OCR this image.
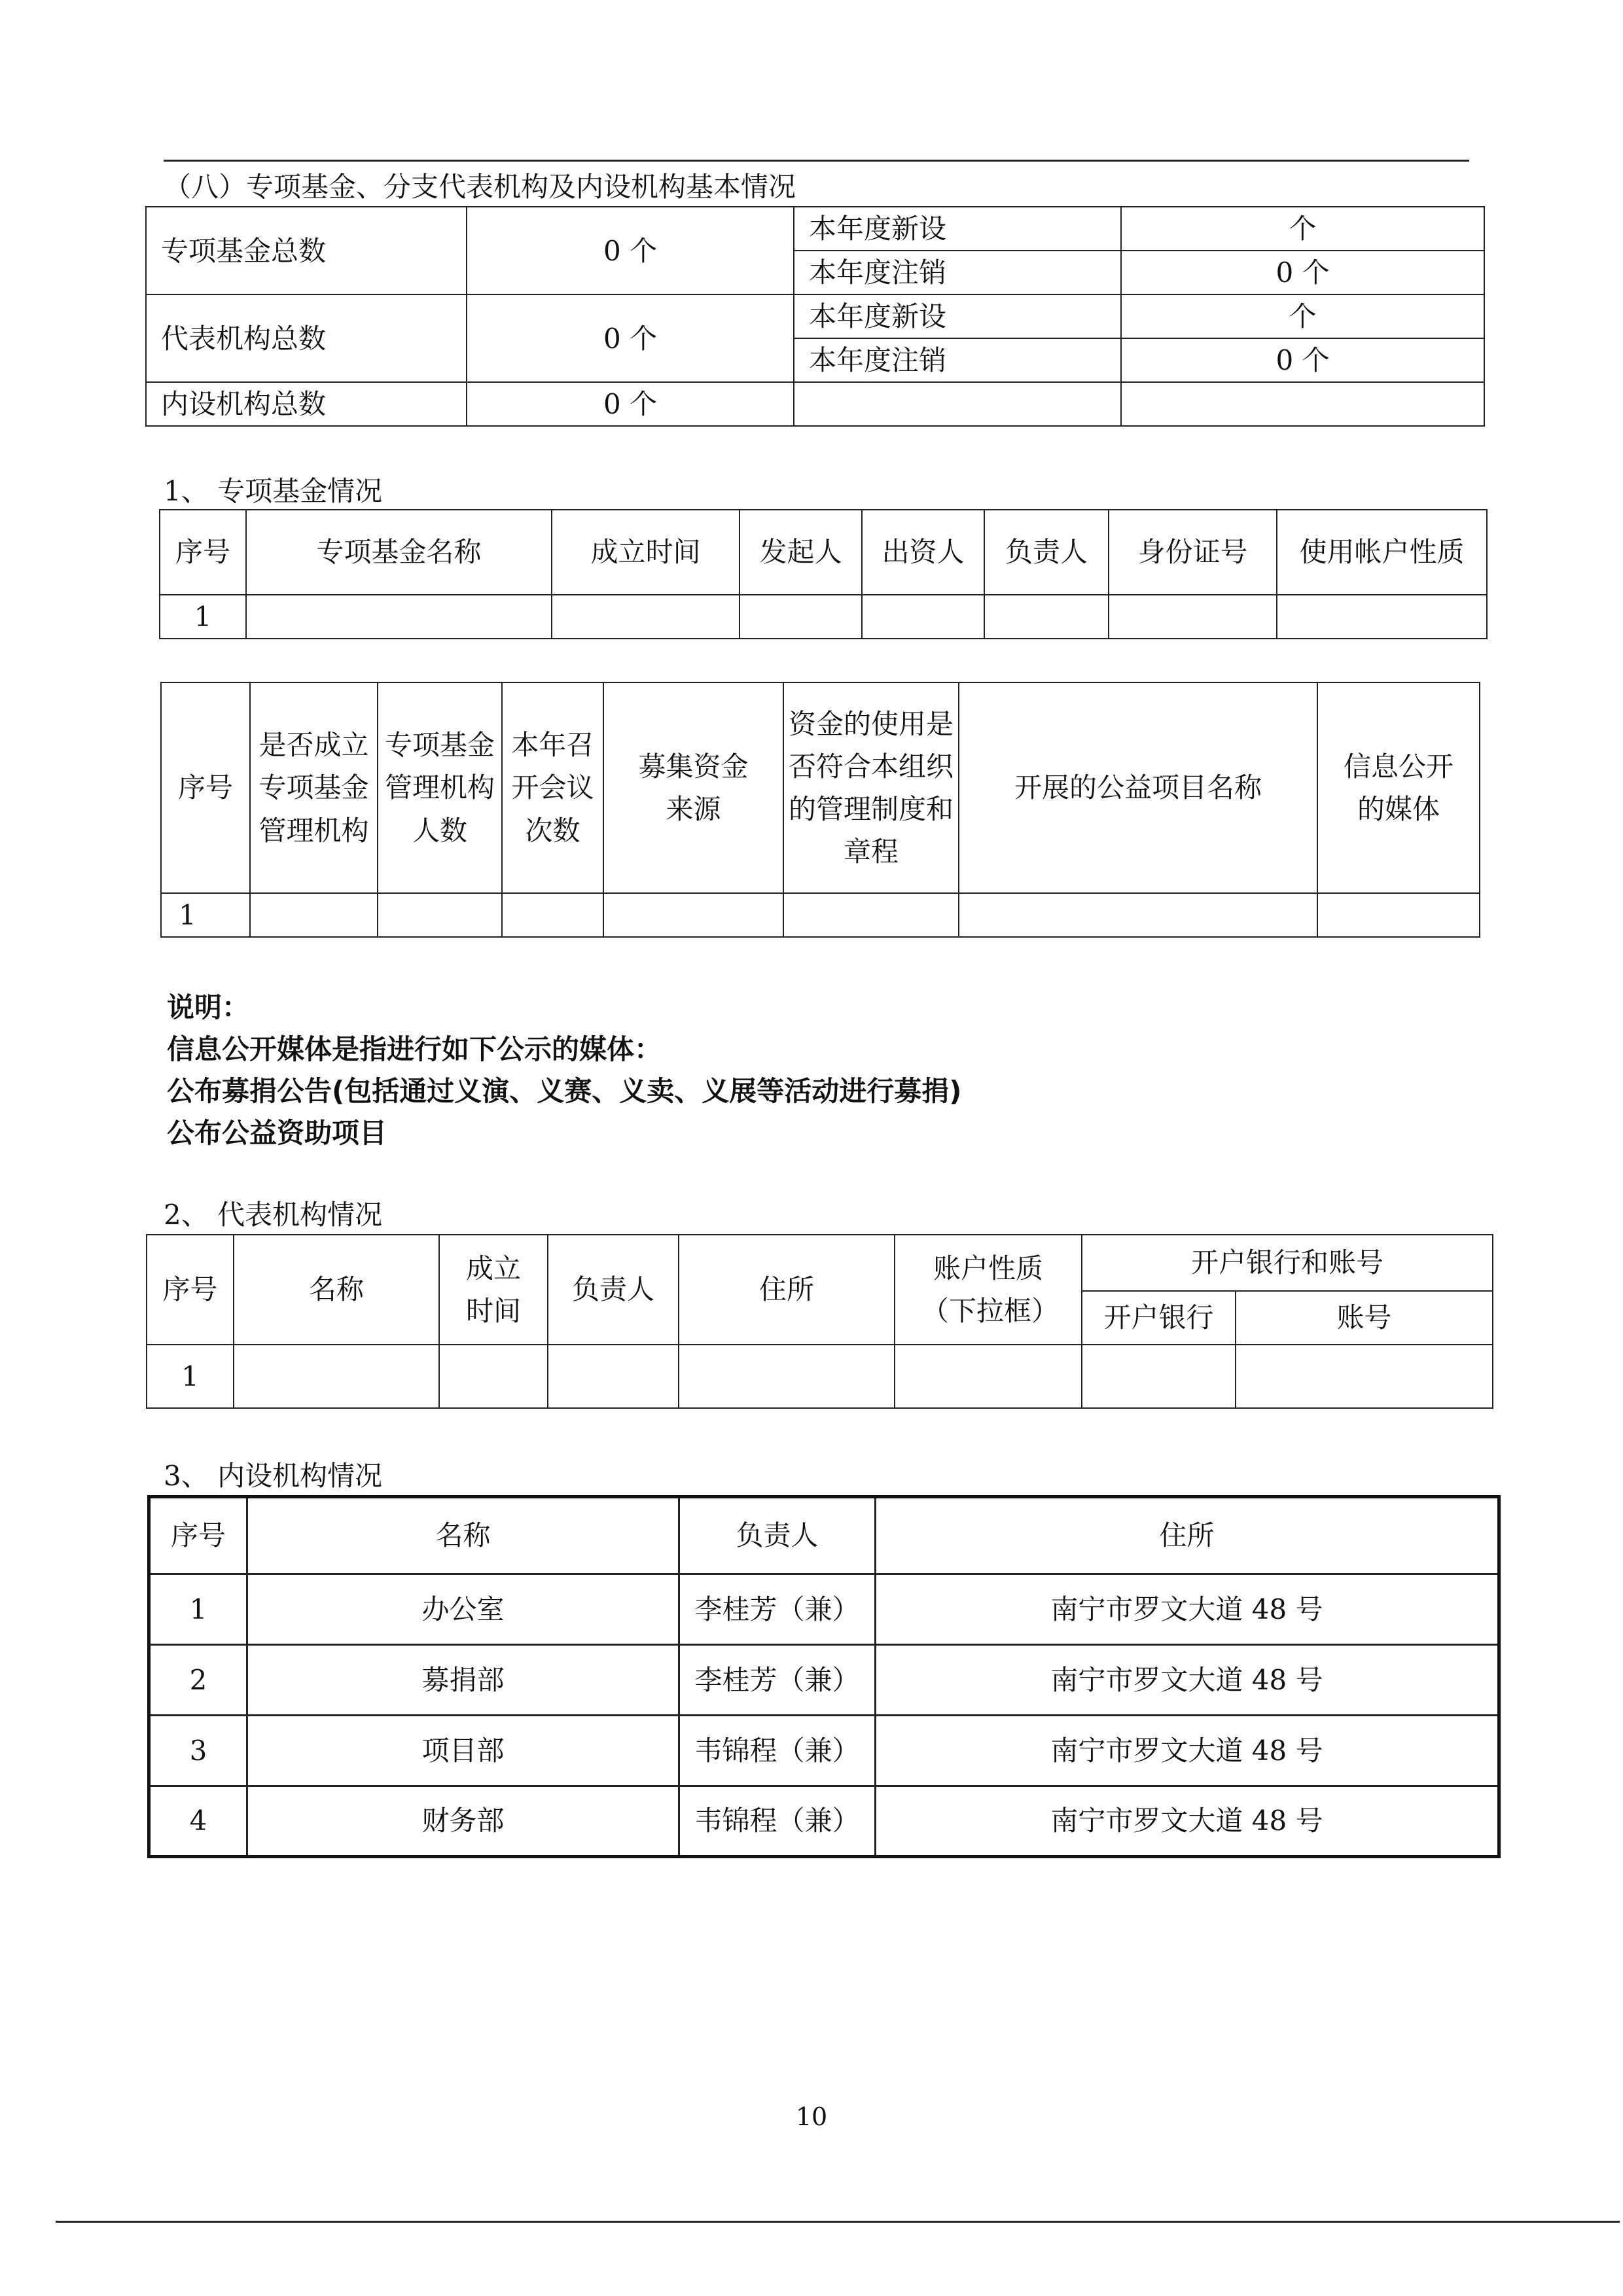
（八）专项基金、分支代表机构及内设机构基本情况
专项基金总数	0 个	本年度新设	个
		本年度注销	0 个
代表机构总数	0 个	本年度新设	个
		本年度注销	0 个
内设机构总数	0 个		
1、 专项基金情况
序号	专项基金名称	成立时间	发起人	出资人	负责人	身份证号	使用帐户性质
1							
序号	是否成立专项基金管理机构	专项基金管理机构人数	本年召开会议次数	募集资金来源	资金的使用是否符合本组织的管理制度和章程	开展的公益项目名称	信息公开的媒体
1							
说明：
信息公开媒体是指进行如下公示的媒体：
公布募捐公告(包括通过义演、义赛、义卖、义展等活动进行募捐)
公布公益资助项目
2、 代表机构情况
序号	名称	成立时间	负责人	住所	账户性质（下拉框）	开户银行和账号	
						开户银行	账号
1							
3、 内设机构情况
序号	名称	负责人	住所
1	办公室	李桂芳（兼）	南宁市罗文大道 48 号
2	募捐部	李桂芳（兼）	南宁市罗文大道 48 号
3	项目部	韦锦程（兼）	南宁市罗文大道 48 号
4	财务部	韦锦程（兼）	南宁市罗文大道 48 号
10
